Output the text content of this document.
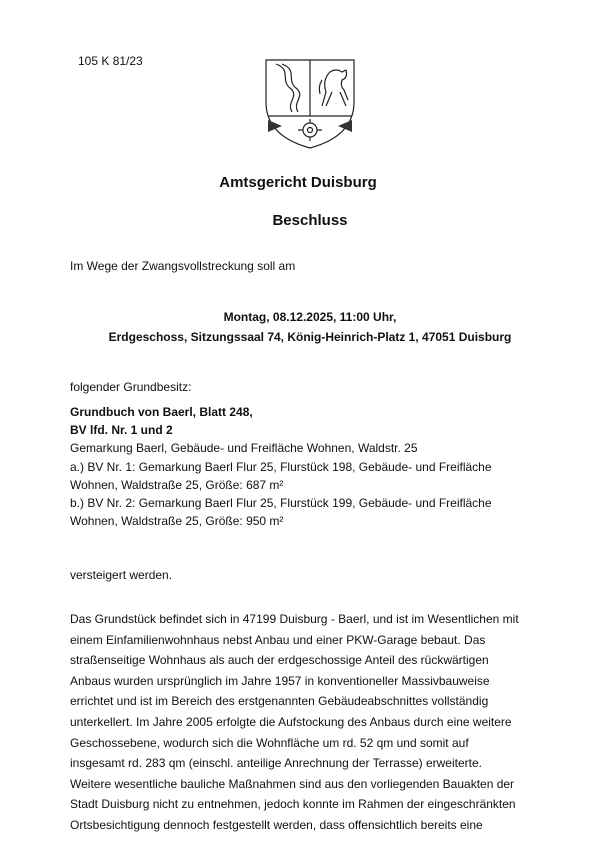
105 K 81/23
Amtsgericht Duisburg
Beschluss
Im Wege der Zwangsvollstreckung soll am
Montag, 08.12.2025, 11:00 Uhr,
Erdgeschoss, Sitzungssaal 74, König-Heinrich-Platz 1, 47051 Duisburg
folgender Grundbesitz:
Grundbuch von Baerl, Blatt 248,
BV lfd. Nr. 1 und 2
Gemarkung Baerl, Gebäude- und Freifläche Wohnen, Waldstr. 25
a.) BV Nr. 1: Gemarkung Baerl Flur 25, Flurstück 198, Gebäude- und Freifläche
Wohnen, Waldstraße 25, Größe: 687 m²
b.) BV Nr. 2: Gemarkung Baerl Flur 25, Flurstück 199, Gebäude- und Freifläche
Wohnen, Waldstraße 25, Größe: 950 m²
versteigert werden.
Das Grundstück befindet sich in 47199 Duisburg - Baerl, und ist im Wesentlichen mit
einem Einfamilienwohnhaus nebst Anbau und einer PKW-Garage bebaut. Das
straßenseitige Wohnhaus als auch der erdgeschossige Anteil des rückwärtigen
Anbaus wurden ursprünglich im Jahre 1957 in konventioneller Massivbauweise
errichtet und ist im Bereich des erstgenannten Gebäudeabschnittes vollständig
unterkellert. Im Jahre 2005 erfolgte die Aufstockung des Anbaus durch eine weitere
Geschossebene, wodurch sich die Wohnfläche um rd. 52 qm und somit auf
insgesamt rd. 283 qm (einschl. anteilige Anrechnung der Terrasse) erweiterte.
Weitere wesentliche bauliche Maßnahmen sind aus den vorliegenden Bauakten der
Stadt Duisburg nicht zu entnehmen, jedoch konnte im Rahmen der eingeschränkten
Ortsbesichtigung dennoch festgestellt werden, dass offensichtlich bereits eine
